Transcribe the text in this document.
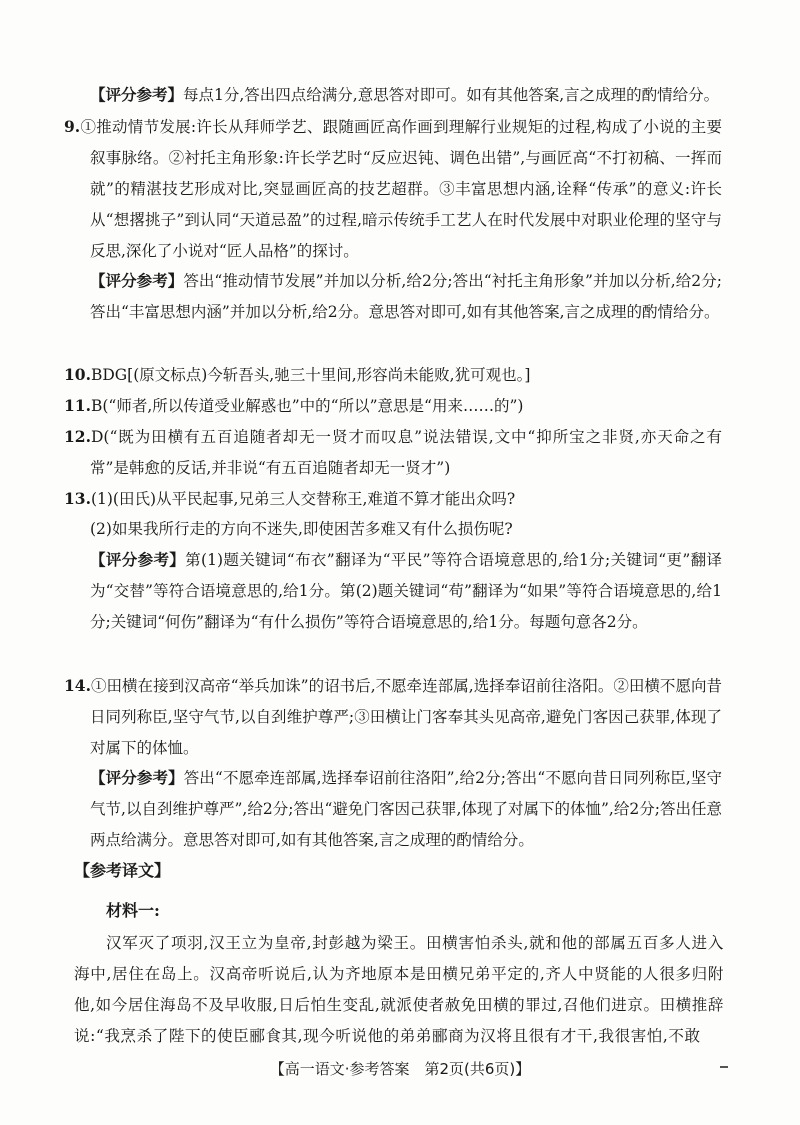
【评分参考】每点1分,答出四点给满分,意思答对即可。如有其他答案,言之成理的酌情给分。
9.①推动情节发展:许长从拜师学艺、跟随画匠高作画到理解行业规矩的过程,构成了小说的主要叙事脉络。②衬托主角形象:许长学艺时“反应迟钝、调色出错”,与画匠高“不打初稿、一挥而就”的精湛技艺形成对比,突显画匠高的技艺超群。③丰富思想内涵,诠释“传承”的意义:许长从“想撂挑子”到认同“天道忌盈”的过程,暗示传统手工艺人在时代发展中对职业伦理的坚守与反思,深化了小说对“匠人品格”的探讨。
【评分参考】答出“推动情节发展”并加以分析,给2分;答出“衬托主角形象”并加以分析,给2分;答出“丰富思想内涵”并加以分析,给2分。意思答对即可,如有其他答案,言之成理的酌情给分。
10.BDG[(原文标点)今斩吾头,驰三十里间,形容尚未能败,犹可观也。]
11.B(“师者,所以传道受业解惑也”中的“所以”意思是“用来……的”)
12.D(“既为田横有五百追随者却无一贤才而叹息”说法错误,文中“抑所宝之非贤,亦天命之有常”是韩愈的反话,并非说“有五百追随者却无一贤才”)
13.(1)(田氏)从平民起事,兄弟三人交替称王,难道不算才能出众吗?
(2)如果我所行走的方向不迷失,即使困苦多难又有什么损伤呢?
【评分参考】第(1)题关键词“布衣”翻译为“平民”等符合语境意思的,给1分;关键词“更”翻译为“交替”等符合语境意思的,给1分。第(2)题关键词“苟”翻译为“如果”等符合语境意思的,给1分;关键词“何伤”翻译为“有什么损伤”等符合语境意思的,给1分。每题句意各2分。
14.①田横在接到汉高帝“举兵加诛”的诏书后,不愿牵连部属,选择奉诏前往洛阳。②田横不愿向昔日同列称臣,坚守气节,以自刭维护尊严;③田横让门客奉其头见高帝,避免门客因己获罪,体现了对属下的体恤。
【评分参考】答出“不愿牵连部属,选择奉诏前往洛阳”,给2分;答出“不愿向昔日同列称臣,坚守气节,以自刭维护尊严”,给2分;答出“避免门客因己获罪,体现了对属下的体恤”,给2分;答出任意两点给满分。意思答对即可,如有其他答案,言之成理的酌情给分。
【参考译文】
材料一:
汉军灭了项羽,汉王立为皇帝,封彭越为梁王。田横害怕杀头,就和他的部属五百多人进入海中,居住在岛上。汉高帝听说后,认为齐地原本是田横兄弟平定的,齐人中贤能的人很多归附他,如今居住海岛不及早收服,日后怕生变乱,就派使者赦免田横的罪过,召他们进京。田横推辞说:“我烹杀了陛下的使臣郦食其,现今听说他的弟弟郦商为汉将且很有才干,我很害怕,不敢
【高一语文·参考答案　第2页(共6页)】
